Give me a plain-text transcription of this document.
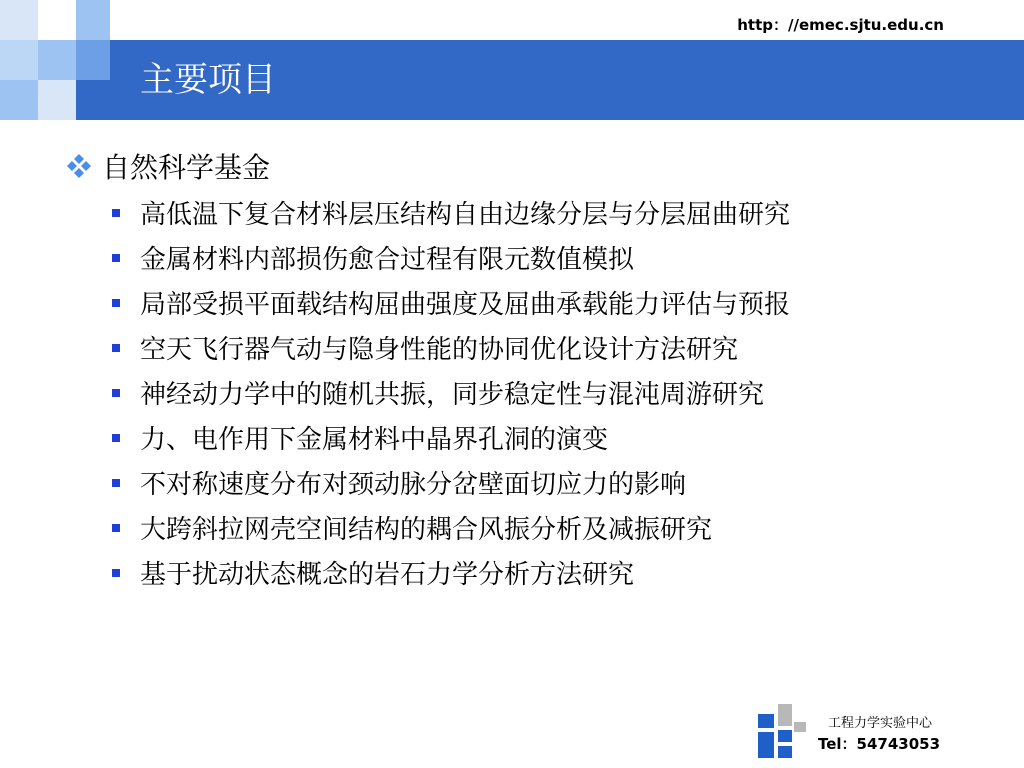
http：//emec.sjtu.edu.cn
主要项目
自然科学基金
高低温下复合材料层压结构自由边缘分层与分层屈曲研究
金属材料内部损伤愈合过程有限元数值模拟
局部受损平面载结构屈曲强度及屈曲承载能力评估与预报
空天飞行器气动与隐身性能的协同优化设计方法研究
神经动力学中的随机共振，同步稳定性与混沌周游研究
力、电作用下金属材料中晶界孔洞的演变
不对称速度分布对颈动脉分岔壁面切应力的影响
大跨斜拉网壳空间结构的耦合风振分析及减振研究
基于扰动状态概念的岩石力学分析方法研究
工程力学实验中心
Tel：54743053
